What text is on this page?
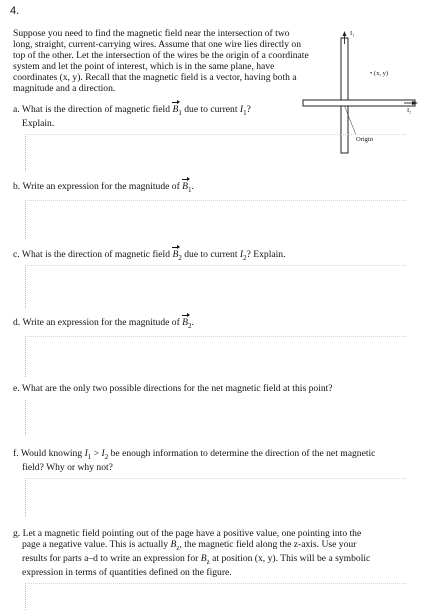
4.
Suppose you need to find the magnetic field near the intersection of two long, straight, current-carrying wires. Assume that one wire lies directly on top of the other. Let the intersection of the wires be the origin of a coordinate system and let the point of interest, which is in the same plane, have coordinates (x, y). Recall that the magnetic field is a vector, having both a magnitude and a direction.
I₁
I₂
• (x, y)
Origin
a. What is the direction of magnetic field $B_1$ due to current $I_1$?
Explain.
b. Write an expression for the magnitude of $B_1$.
c. What is the direction of magnetic field $B_2$ due to current $I_2$? Explain.
d. Write an expression for the magnitude of $B_2$.
e. What are the only two possible directions for the net magnetic field at this point?
f. Would knowing $I_1 > I_2$ be enough information to determine the direction of the net magnetic
field? Why or why not?
g. Let a magnetic field pointing out of the page have a positive value, one pointing into the
page a negative value. This is actually $B_z$, the magnetic field along the z-axis. Use your
results for parts a–d to write an expression for $B_z$ at position (x, y). This will be a symbolic
expression in terms of quantities defined on the figure.
